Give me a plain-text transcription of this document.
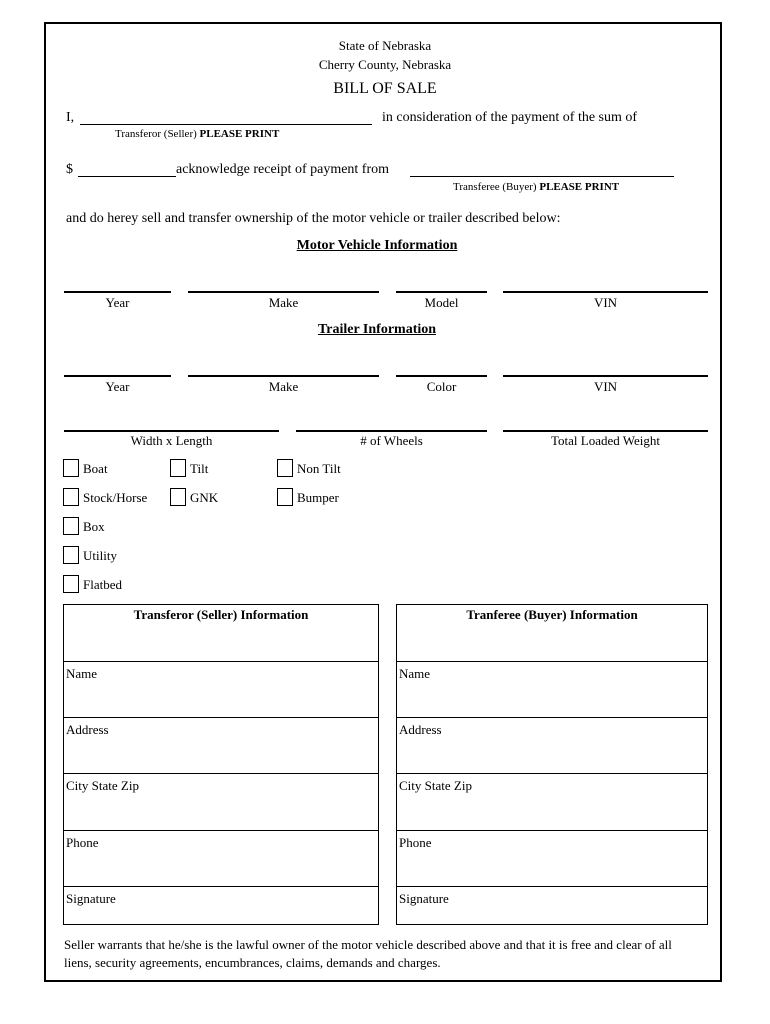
State of Nebraska
Cherry County, Nebraska
BILL OF SALE
I,	in consideration of the payment of the sum of
Transferor (Seller) PLEASE PRINT
$	acknowledge receipt of payment from
Transferee (Buyer) PLEASE PRINT
and do herey sell and transfer ownership of the motor vehicle or trailer described below:
Motor Vehicle Information
Year	Make	Model	VIN
Trailer Information
Year	Make	Color	VIN
Width x Length	# of Wheels	Total Loaded Weight
Boat	Tilt	Non Tilt
Stock/Horse	GNK	Bumper
Box
Utility
Flatbed
Transferor (Seller) Information
Name
Address
City State Zip
Phone
Signature
Tranferee (Buyer) Information
Name
Address
City State Zip
Phone
Signature
Seller warrants that he/she is the lawful owner of the motor vehicle described above and that it is free and clear of all liens, security agreements, encumbrances, claims, demands and charges.
